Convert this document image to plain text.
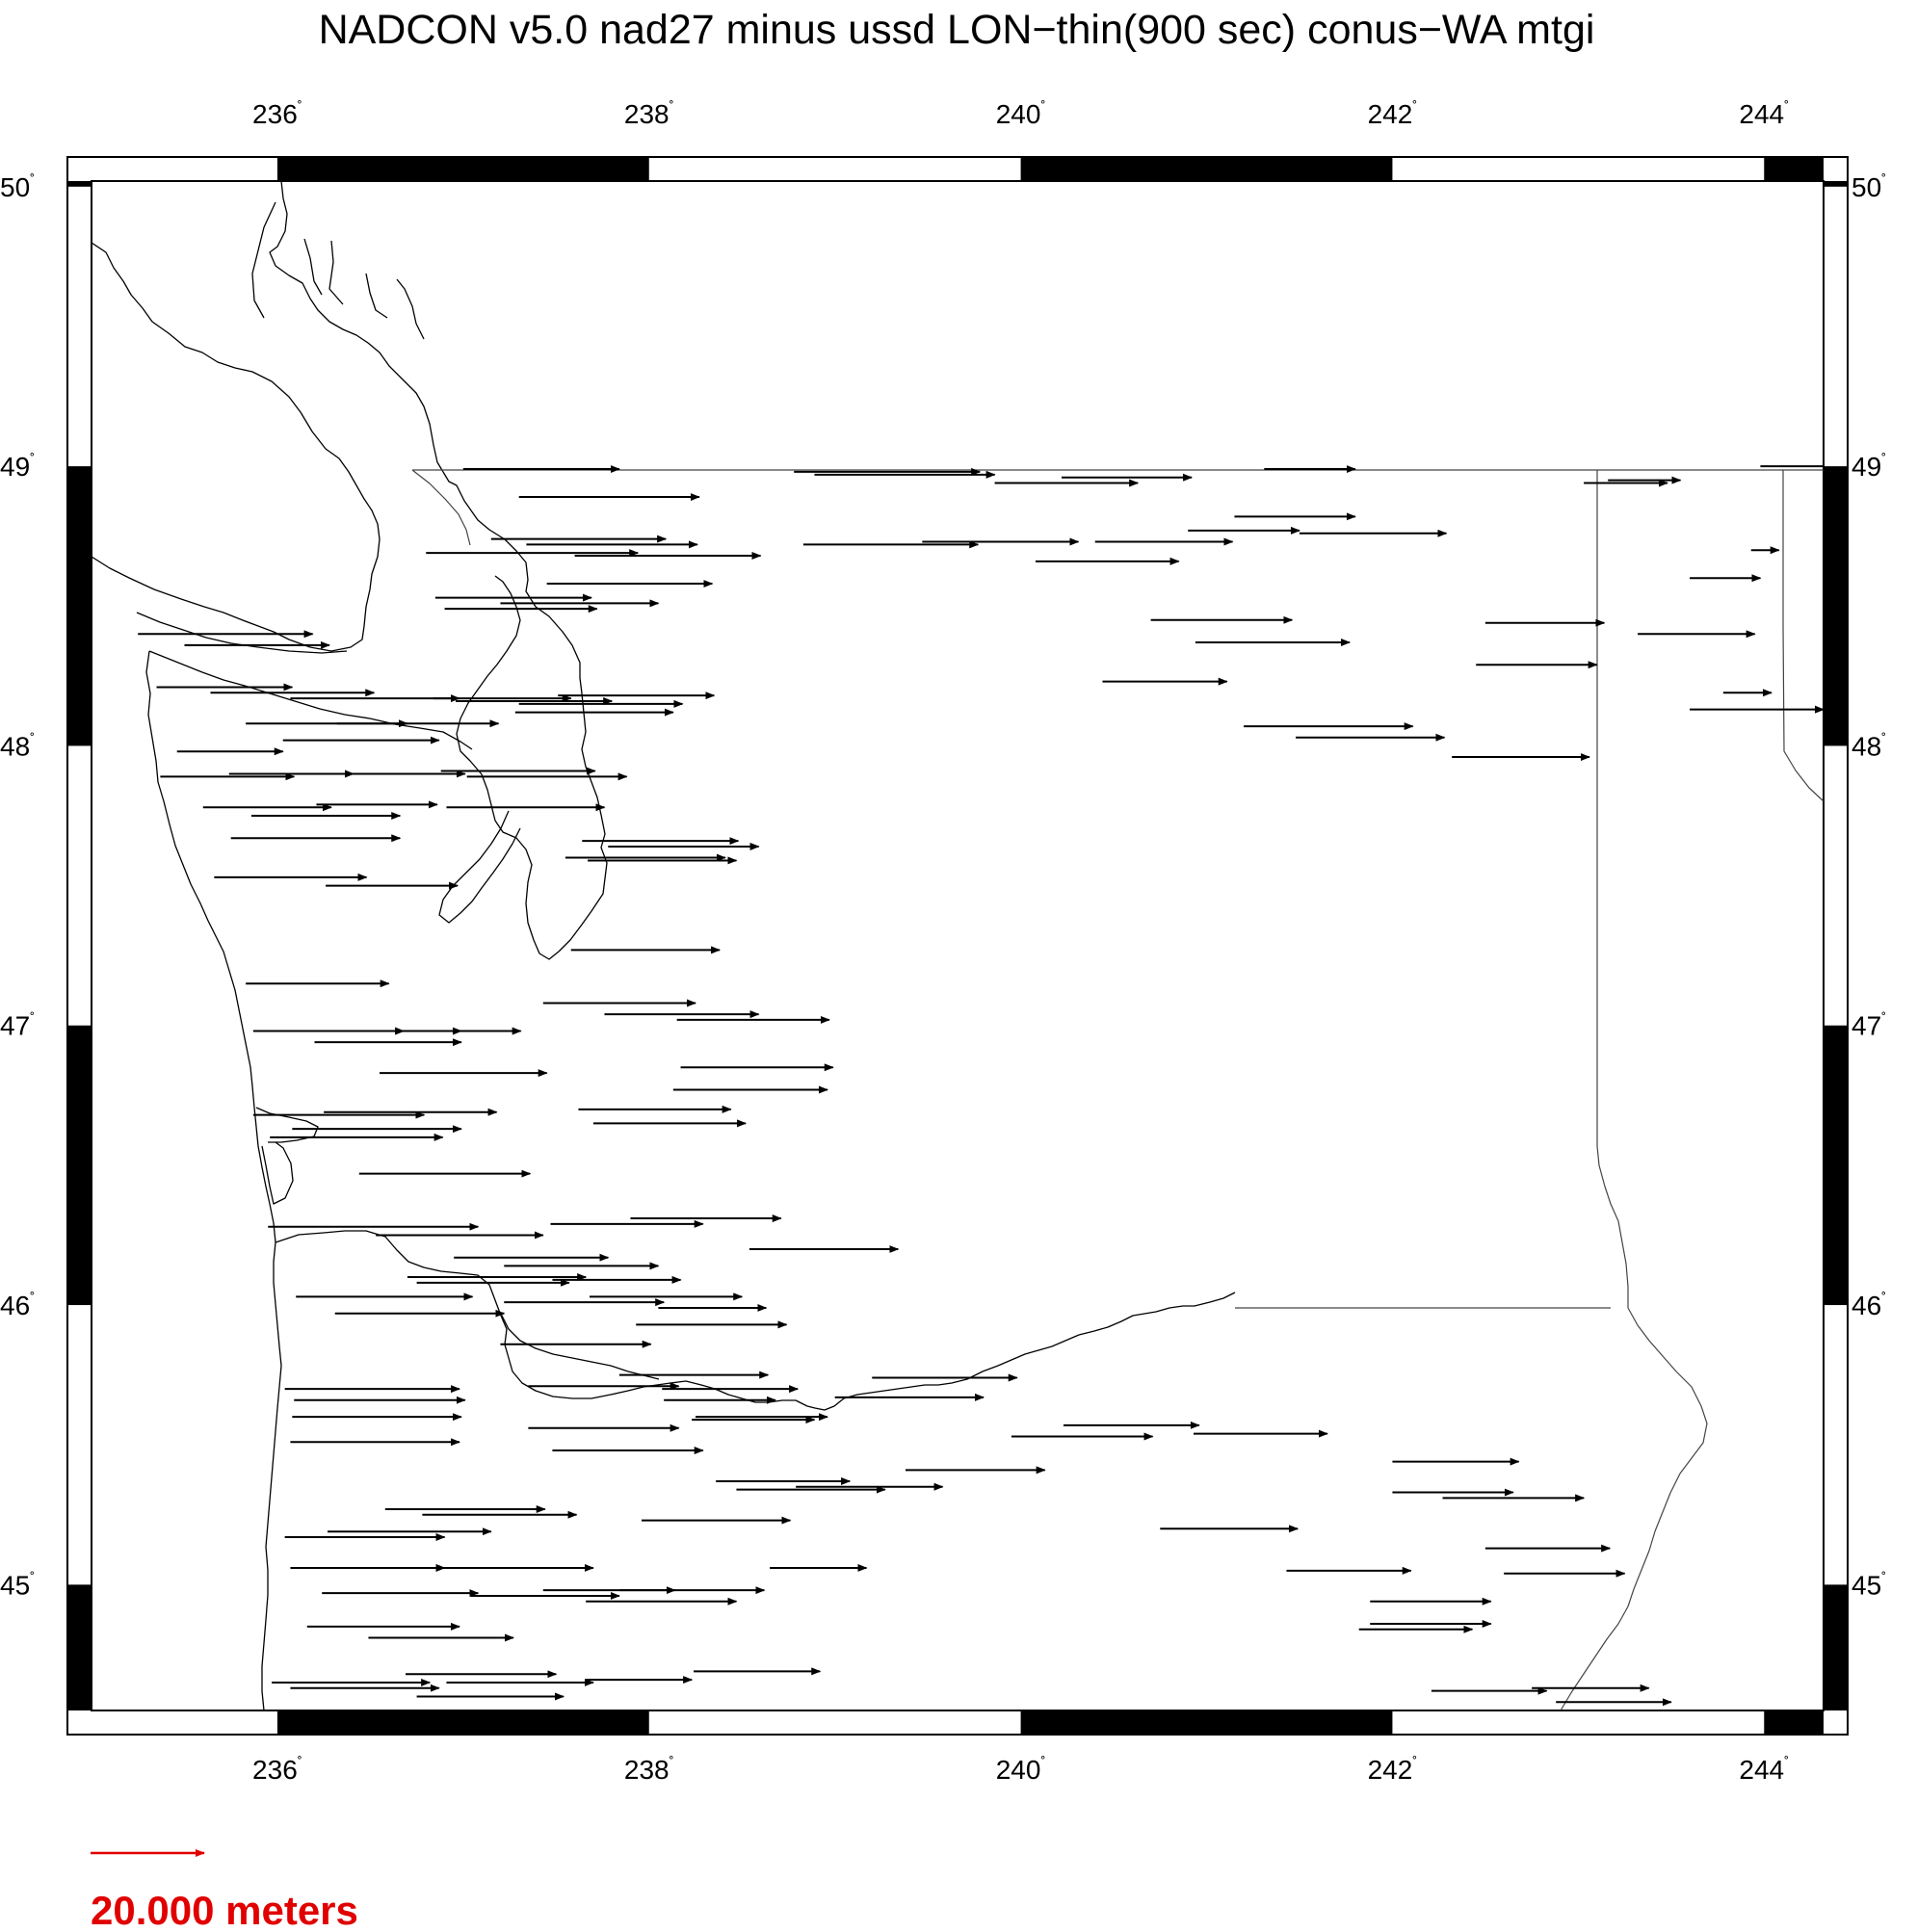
NADCON v5.0 nad27 minus ussd LON−thin(900 sec) conus−WA mtgi
236˚
236˚
238˚
238˚
240˚
240˚
242˚
242˚
244˚
244˚
45˚	45˚
46˚	46˚
47˚	47˚
48˚	48˚
49˚	49˚
50˚	50˚
20.000 meters
